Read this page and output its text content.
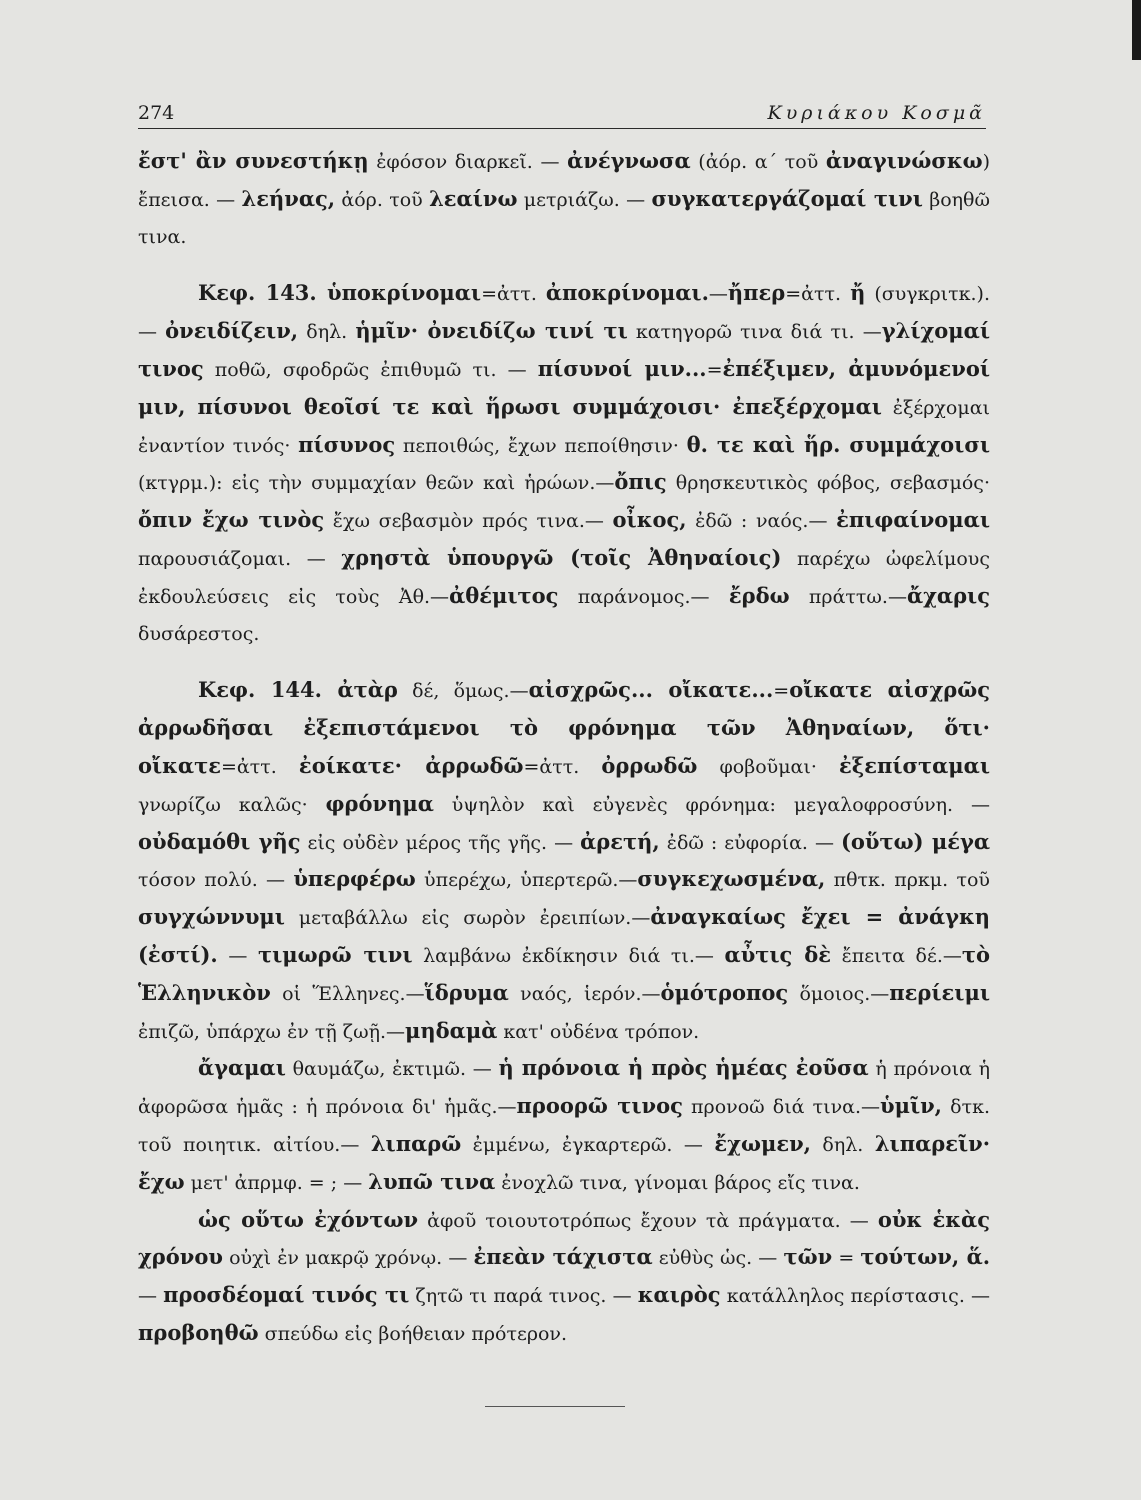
274	Κυριάκου Κοσμᾶ

ἔστ' ἂν συνεστήκῃ ἐφόσον διαρκεῖ. — ἀνέγνωσα (ἀόρ. α΄ τοῦ ἀναγινώσκω) ἔπεισα. — λεήνας, ἀόρ. τοῦ λεαίνω μετριάζω. — συγκατεργάζομαί τινι βοηθῶ τινα.

Κεφ. 143. ὑποκρίνομαι=ἀττ. ἀποκρίνομαι.—ἤπερ=ἀττ. ἤ (συγκριτκ.). — ὀνειδίζειν, δηλ. ἡμῖν· ὀνειδίζω τινί τι κατηγορῶ τινα διά τι. —γλίχομαί τινος ποθῶ, σφοδρῶς ἐπιθυμῶ τι. — πίσυνοί μιν...=ἐπέξιμεν, ἀμυνόμενοί μιν, πίσυνοι θεοῖσί τε καὶ ἥρωσι συμμάχοισι· ἐπεξέρχομαι ἐξέρχομαι ἐναντίον τινός· πίσυνος πεποιθώς, ἔχων πεποίθησιν· θ. τε καὶ ἥρ. συμμάχοισι (κτγρμ.): εἰς τὴν συμμαχίαν θεῶν καὶ ἡρώων.—ὄπις θρησκευτικὸς φόβος, σεβασμός· ὄπιν ἔχω τινὸς ἔχω σεβασμὸν πρός τινα.— οἶκος, ἐδῶ : ναός.— ἐπιφαίνομαι παρουσιάζομαι. — χρηστὰ ὑπουργῶ (τοῖς Ἀθηναίοις) παρέχω ὠφελίμους ἐκδουλεύσεις εἰς τοὺς Ἀθ.—ἀθέμιτος παράνομος.— ἔρδω πράττω.—ἄχαρις δυσάρεστος.

Κεφ. 144. ἀτὰρ δέ, ὅμως.—αἰσχρῶς... οἴκατε...=οἴκατε αἰσχρῶς ἀρρωδῆσαι ἐξεπιστάμενοι τὸ φρόνημα τῶν Ἀθηναίων, ὅτι· οἴκατε=ἀττ. ἐοίκατε· ἀρρωδῶ=ἀττ. ὀρρωδῶ φοβοῦμαι· ἐξεπίσταμαι γνωρίζω καλῶς· φρόνημα ὑψηλὸν καὶ εὐγενὲς φρόνημα: μεγαλοφροσύνη. — οὐδαμόθι γῆς εἰς οὐδὲν μέρος τῆς γῆς. — ἀρετή, ἐδῶ : εὐφορία. — (οὕτω) μέγα τόσον πολύ. — ὑπερφέρω ὑπερέχω, ὑπερτερῶ.—συγκεχωσμένα, πθτκ. πρκμ. τοῦ συγχώννυμι μεταβάλλω εἰς σωρὸν ἐρειπίων.—ἀναγκαίως ἔχει = ἀνάγκη (ἐστί). — τιμωρῶ τινι λαμβάνω ἐκδίκησιν διά τι.— αὖτις δὲ ἔπειτα δέ.—τὸ Ἑλληνικὸν οἱ Ἕλληνες.—ἵδρυμα ναός, ἱερόν.—ὁμότροπος ὅμοιος.—περίειμι ἐπιζῶ, ὑπάρχω ἐν τῇ ζωῇ.—μηδαμὰ κατ' οὐδένα τρόπον.

ἄγαμαι θαυμάζω, ἐκτιμῶ. — ἡ πρόνοια ἡ πρὸς ἡμέας ἐοῦσα ἡ πρόνοια ἡ ἀφορῶσα ἡμᾶς : ἡ πρόνοια δι' ἡμᾶς.—προορῶ τινος προνοῶ διά τινα.—ὑμῖν, δτκ. τοῦ ποιητικ. αἰτίου.— λιπαρῶ ἐμμένω, ἐγκαρτερῶ. — ἔχωμεν, δηλ. λιπαρεῖν· ἔχω μετ' ἀπρμφ. = ; — λυπῶ τινα ἐνοχλῶ τινα, γίνομαι βάρος εἴς τινα.

ὡς οὕτω ἐχόντων ἀφοῦ τοιουτοτρόπως ἔχουν τὰ πράγματα. — οὐκ ἑκὰς χρόνου οὐχὶ ἐν μακρῷ χρόνῳ. — ἐπεὰν τάχιστα εὐθὺς ὡς. — τῶν = τούτων, ἅ. — προσδέομαί τινός τι ζητῶ τι παρά τινος. — καιρὸς κατάλληλος περίστασις. — προβοηθῶ σπεύδω εἰς βοήθειαν πρότερον.
